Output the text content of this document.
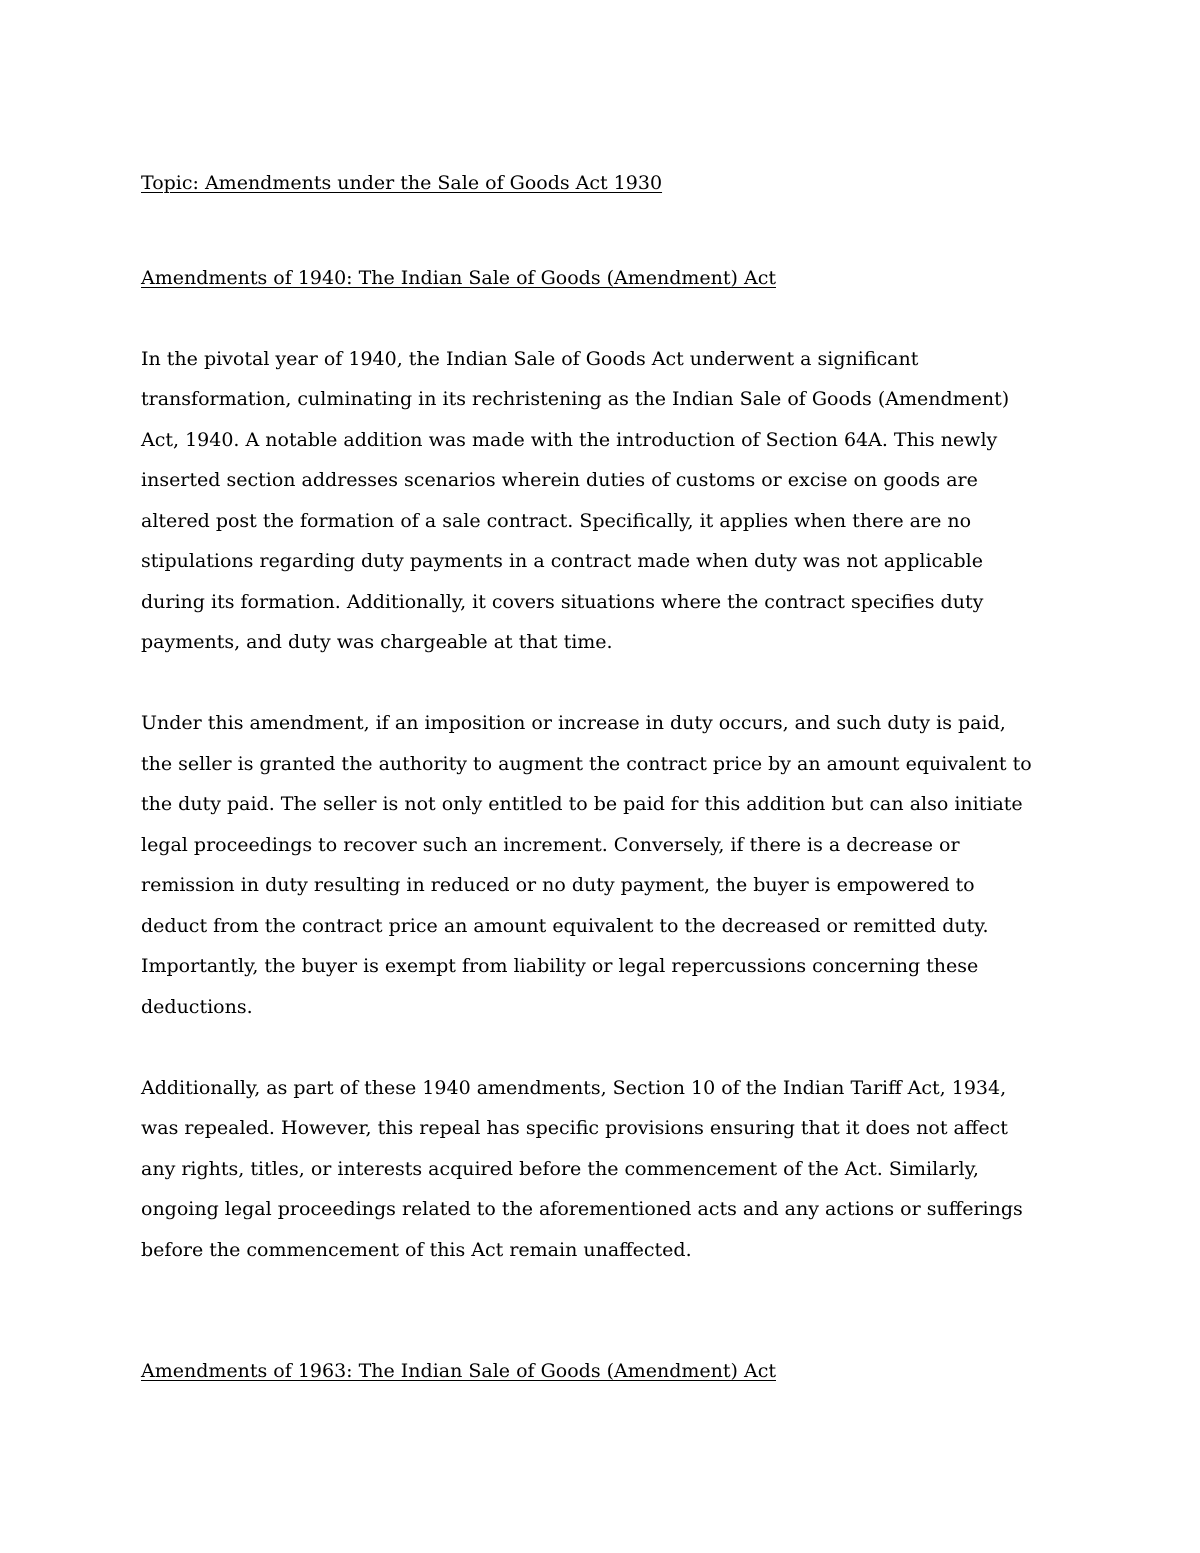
Topic: Amendments under the Sale of Goods Act 1930
Amendments of 1940: The Indian Sale of Goods (Amendment) Act
In the pivotal year of 1940, the Indian Sale of Goods Act underwent a significant
transformation, culminating in its rechristening as the Indian Sale of Goods (Amendment)
Act, 1940. A notable addition was made with the introduction of Section 64A. This newly
inserted section addresses scenarios wherein duties of customs or excise on goods are
altered post the formation of a sale contract. Specifically, it applies when there are no
stipulations regarding duty payments in a contract made when duty was not applicable
during its formation. Additionally, it covers situations where the contract specifies duty
payments, and duty was chargeable at that time.
Under this amendment, if an imposition or increase in duty occurs, and such duty is paid,
the seller is granted the authority to augment the contract price by an amount equivalent to
the duty paid. The seller is not only entitled to be paid for this addition but can also initiate
legal proceedings to recover such an increment. Conversely, if there is a decrease or
remission in duty resulting in reduced or no duty payment, the buyer is empowered to
deduct from the contract price an amount equivalent to the decreased or remitted duty.
Importantly, the buyer is exempt from liability or legal repercussions concerning these
deductions.
Additionally, as part of these 1940 amendments, Section 10 of the Indian Tariff Act, 1934,
was repealed. However, this repeal has specific provisions ensuring that it does not affect
any rights, titles, or interests acquired before the commencement of the Act. Similarly,
ongoing legal proceedings related to the aforementioned acts and any actions or sufferings
before the commencement of this Act remain unaffected.
Amendments of 1963: The Indian Sale of Goods (Amendment) Act
